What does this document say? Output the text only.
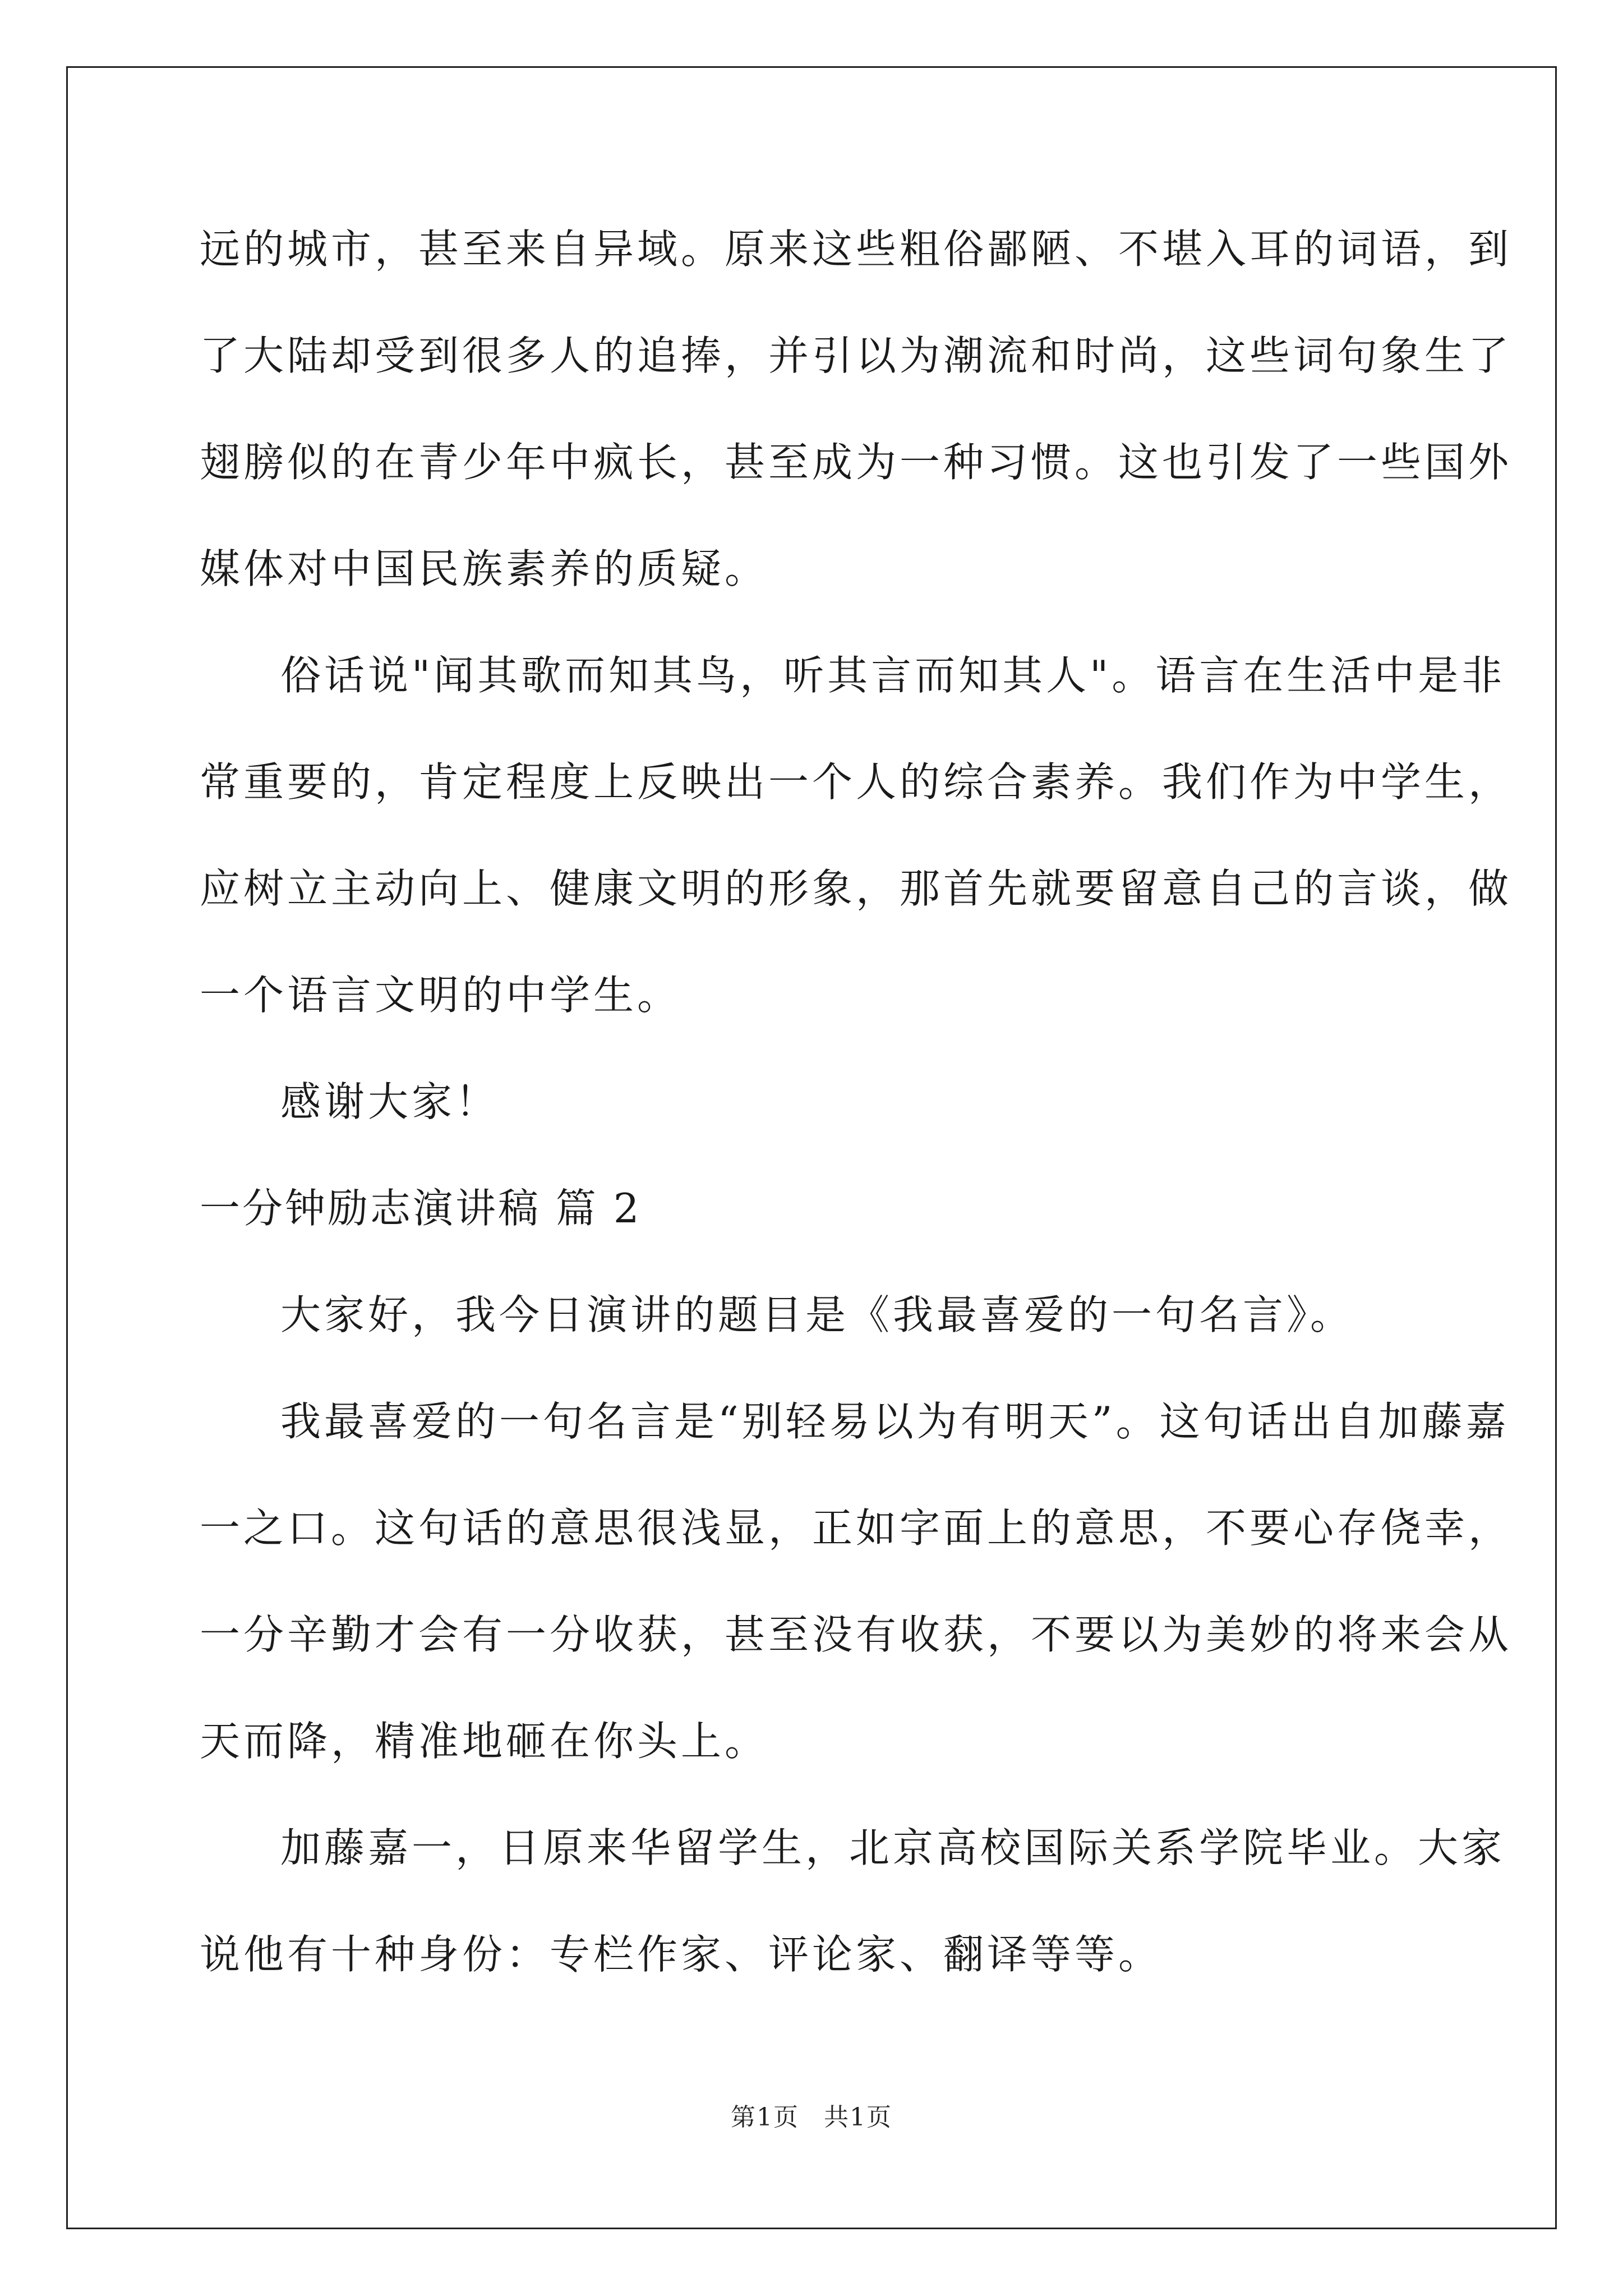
远的城市，甚至来自异域。原来这些粗俗鄙陋、不堪入耳的词语，到
了大陆却受到很多人的追捧，并引以为潮流和时尚，这些词句象生了
翅膀似的在青少年中疯长，甚至成为一种习惯。这也引发了一些国外
媒体对中国民族素养的质疑。
俗话说"闻其歌而知其鸟，听其言而知其人"。语言在生活中是非
常重要的，肯定程度上反映出一个人的综合素养。我们作为中学生，
应树立主动向上、健康文明的形象，那首先就要留意自己的言谈，做
一个语言文明的中学生。
感谢大家！
一分钟励志演讲稿 篇 2
大家好，我今日演讲的题目是《我最喜爱的一句名言》。
我最喜爱的一句名言是“别轻易以为有明天”。这句话出自加藤嘉
一之口。这句话的意思很浅显，正如字面上的意思，不要心存侥幸，
一分辛勤才会有一分收获，甚至没有收获，不要以为美妙的将来会从
天而降，精准地砸在你头上。
加藤嘉一，日原来华留学生，北京高校国际关系学院毕业。大家
说他有十种身份：专栏作家、评论家、翻译等等。
第1页 共1页
